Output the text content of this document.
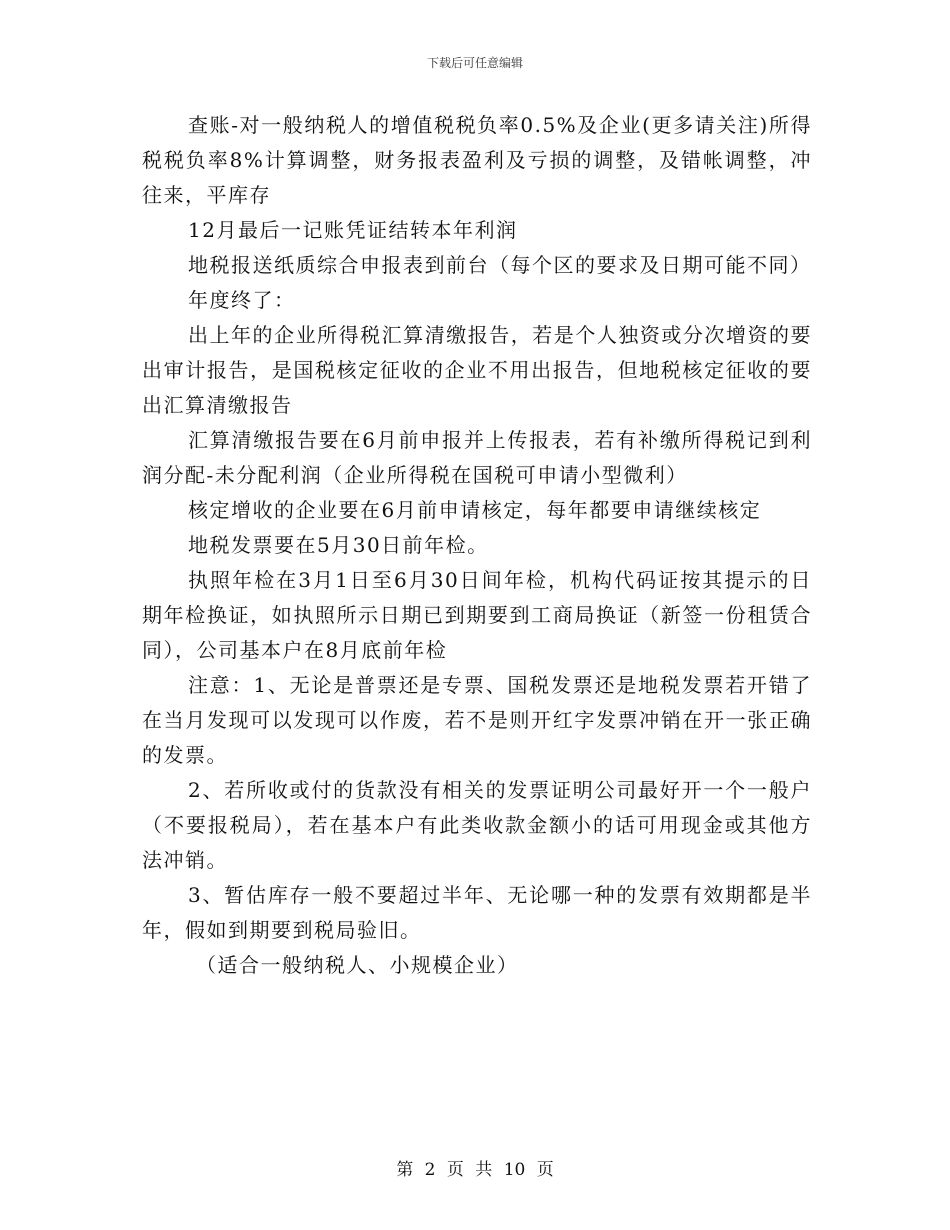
下载后可任意编辑

查账-对一般纳税人的增值税税负率0.5%及企业(更多请关注)所得税税负率8%计算调整，财务报表盈利及亏损的调整，及错帐调整，冲往来，平库存

12月最后一记账凭证结转本年利润

地税报送纸质综合申报表到前台（每个区的要求及日期可能不同）

年度终了：

出上年的企业所得税汇算清缴报告，若是个人独资或分次增资的要出审计报告，是国税核定征收的企业不用出报告，但地税核定征收的要出汇算清缴报告

汇算清缴报告要在6月前申报并上传报表，若有补缴所得税记到利润分配-未分配利润（企业所得税在国税可申请小型微利）

核定增收的企业要在6月前申请核定，每年都要申请继续核定

地税发票要在5月30日前年检。

执照年检在3月1日至6月30日间年检，机构代码证按其提示的日期年检换证，如执照所示日期已到期要到工商局换证（新签一份租赁合同），公司基本户在8月底前年检

注意：1、无论是普票还是专票、国税发票还是地税发票若开错了在当月发现可以发现可以作废，若不是则开红字发票冲销在开一张正确的发票。

2、若所收或付的货款没有相关的发票证明公司最好开一个一般户（不要报税局），若在基本户有此类收款金额小的话可用现金或其他方法冲销。

3、暂估库存一般不要超过半年、无论哪一种的发票有效期都是半年，假如到期要到税局验旧。

（适合一般纳税人、小规模企业）

第 2 页 共 10 页
